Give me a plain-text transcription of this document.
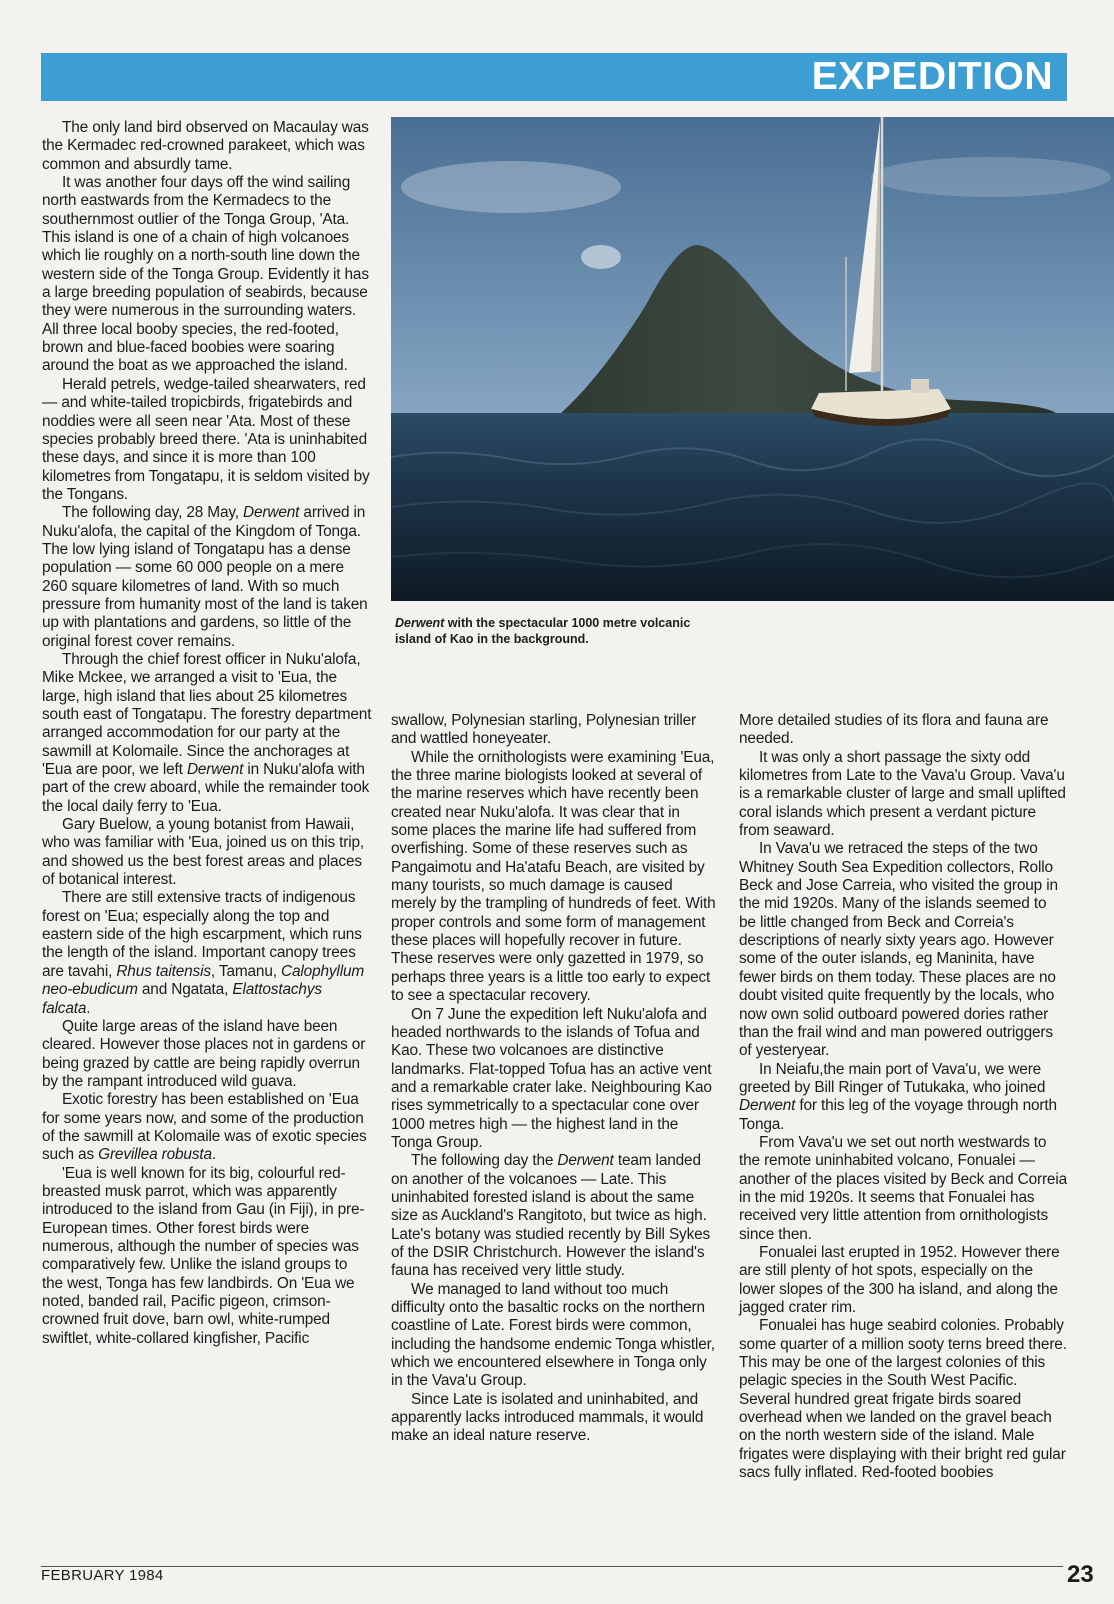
EXPEDITION

The only land bird observed on Macaulay was the Kermadec red-crowned parakeet, which was common and absurdly tame.

It was another four days off the wind sailing north eastwards from the Kermadecs to the southernmost outlier of the Tonga Group, 'Ata. This island is one of a chain of high volcanoes which lie roughly on a north-south line down the western side of the Tonga Group. Evidently it has a large breeding population of seabirds, because they were numerous in the surrounding waters. All three local booby species, the red-footed, brown and blue-faced boobies were soaring around the boat as we approached the island.

Herald petrels, wedge-tailed shearwaters, red— and white-tailed tropicbirds, frigatebirds and noddies were all seen near 'Ata. Most of these species probably breed there. 'Ata is uninhabited these days, and since it is more than 100 kilometres from Tongatapu, it is seldom visited by the Tongans.

The following day, 28 May, Derwent arrived in Nuku'alofa, the capital of the Kingdom of Tonga. The low lying island of Tongatapu has a dense population — some 60 000 people on a mere 260 square kilometres of land. With so much pressure from humanity most of the land is taken up with plantations and gardens, so little of the original forest cover remains.

Through the chief forest officer in Nuku'alofa, Mike Mckee, we arranged a visit to 'Eua, the large, high island that lies about 25 kilometres south east of Tongatapu. The forestry department arranged accommodation for our party at the sawmill at Kolomaile. Since the anchorages at 'Eua are poor, we left Derwent in Nuku'alofa with part of the crew aboard, while the remainder took the local daily ferry to 'Eua.

Gary Buelow, a young botanist from Hawaii, who was familiar with 'Eua, joined us on this trip, and showed us the best forest areas and places of botanical interest.

There are still extensive tracts of indigenous forest on 'Eua; especially along the top and eastern side of the high escarpment, which runs the length of the island. Important canopy trees are tavahi, Rhus taitensis, Tamanu, Calophyllum neo-ebudicum and Ngatata, Elattostachys falcata.

Quite large areas of the island have been cleared. However those places not in gardens or being grazed by cattle are being rapidly overrun by the rampant introduced wild guava.

Exotic forestry has been established on 'Eua for some years now, and some of the production of the sawmill at Kolomaile was of exotic species such as Grevillea robusta.

'Eua is well known for its big, colourful red-breasted musk parrot, which was apparently introduced to the island from Gau (in Fiji), in pre-European times. Other forest birds were numerous, although the number of species was comparatively few. Unlike the island groups to the west, Tonga has few landbirds. On 'Eua we noted, banded rail, Pacific pigeon, crimson-crowned fruit dove, barn owl, white-rumped swiftlet, white-collared kingfisher, Pacific

Derwent with the spectacular 1000 metre volcanic island of Kao in the background.

swallow, Polynesian starling, Polynesian triller and wattled honeyeater.

While the ornithologists were examining 'Eua, the three marine biologists looked at several of the marine reserves which have recently been created near Nuku'alofa. It was clear that in some places the marine life had suffered from overfishing. Some of these reserves such as Pangaimotu and Ha'atafu Beach, are visited by many tourists, so much damage is caused merely by the trampling of hundreds of feet. With proper controls and some form of management these places will hopefully recover in future. These reserves were only gazetted in 1979, so perhaps three years is a little too early to expect to see a spectacular recovery.

On 7 June the expedition left Nuku'alofa and headed northwards to the islands of Tofua and Kao. These two volcanoes are distinctive landmarks. Flat-topped Tofua has an active vent and a remarkable crater lake. Neighbouring Kao rises symmetrically to a spectacular cone over 1000 metres high — the highest land in the Tonga Group.

The following day the Derwent team landed on another of the volcanoes — Late. This uninhabited forested island is about the same size as Auckland's Rangitoto, but twice as high. Late's botany was studied recently by Bill Sykes of the DSIR Christchurch. However the island's fauna has received very little study.

We managed to land without too much difficulty onto the basaltic rocks on the northern coastline of Late. Forest birds were common, including the handsome endemic Tonga whistler, which we encountered elsewhere in Tonga only in the Vava'u Group.

Since Late is isolated and uninhabited, and apparently lacks introduced mammals, it would make an ideal nature reserve.

More detailed studies of its flora and fauna are needed.

It was only a short passage the sixty odd kilometres from Late to the Vava'u Group. Vava'u is a remarkable cluster of large and small uplifted coral islands which present a verdant picture from seaward.

In Vava'u we retraced the steps of the two Whitney South Sea Expedition collectors, Rollo Beck and Jose Carreia, who visited the group in the mid 1920s. Many of the islands seemed to be little changed from Beck and Correia's descriptions of nearly sixty years ago. However some of the outer islands, eg Maninita, have fewer birds on them today. These places are no doubt visited quite frequently by the locals, who now own solid outboard powered dories rather than the frail wind and man powered outriggers of yesteryear.

In Neiafu,the main port of Vava'u, we were greeted by Bill Ringer of Tutukaka, who joined Derwent for this leg of the voyage through north Tonga.

From Vava'u we set out north westwards to the remote uninhabited volcano, Fonualei — another of the places visited by Beck and Correia in the mid 1920s. It seems that Fonualei has received very little attention from ornithologists since then.

Fonualei last erupted in 1952. However there are still plenty of hot spots, especially on the lower slopes of the 300 ha island, and along the jagged crater rim.

Fonualei has huge seabird colonies. Probably some quarter of a million sooty terns breed there. This may be one of the largest colonies of this pelagic species in the South West Pacific. Several hundred great frigate birds soared overhead when we landed on the gravel beach on the north western side of the island. Male frigates were displaying with their bright red gular sacs fully inflated. Red-footed boobies

FEBRUARY 1984	23
